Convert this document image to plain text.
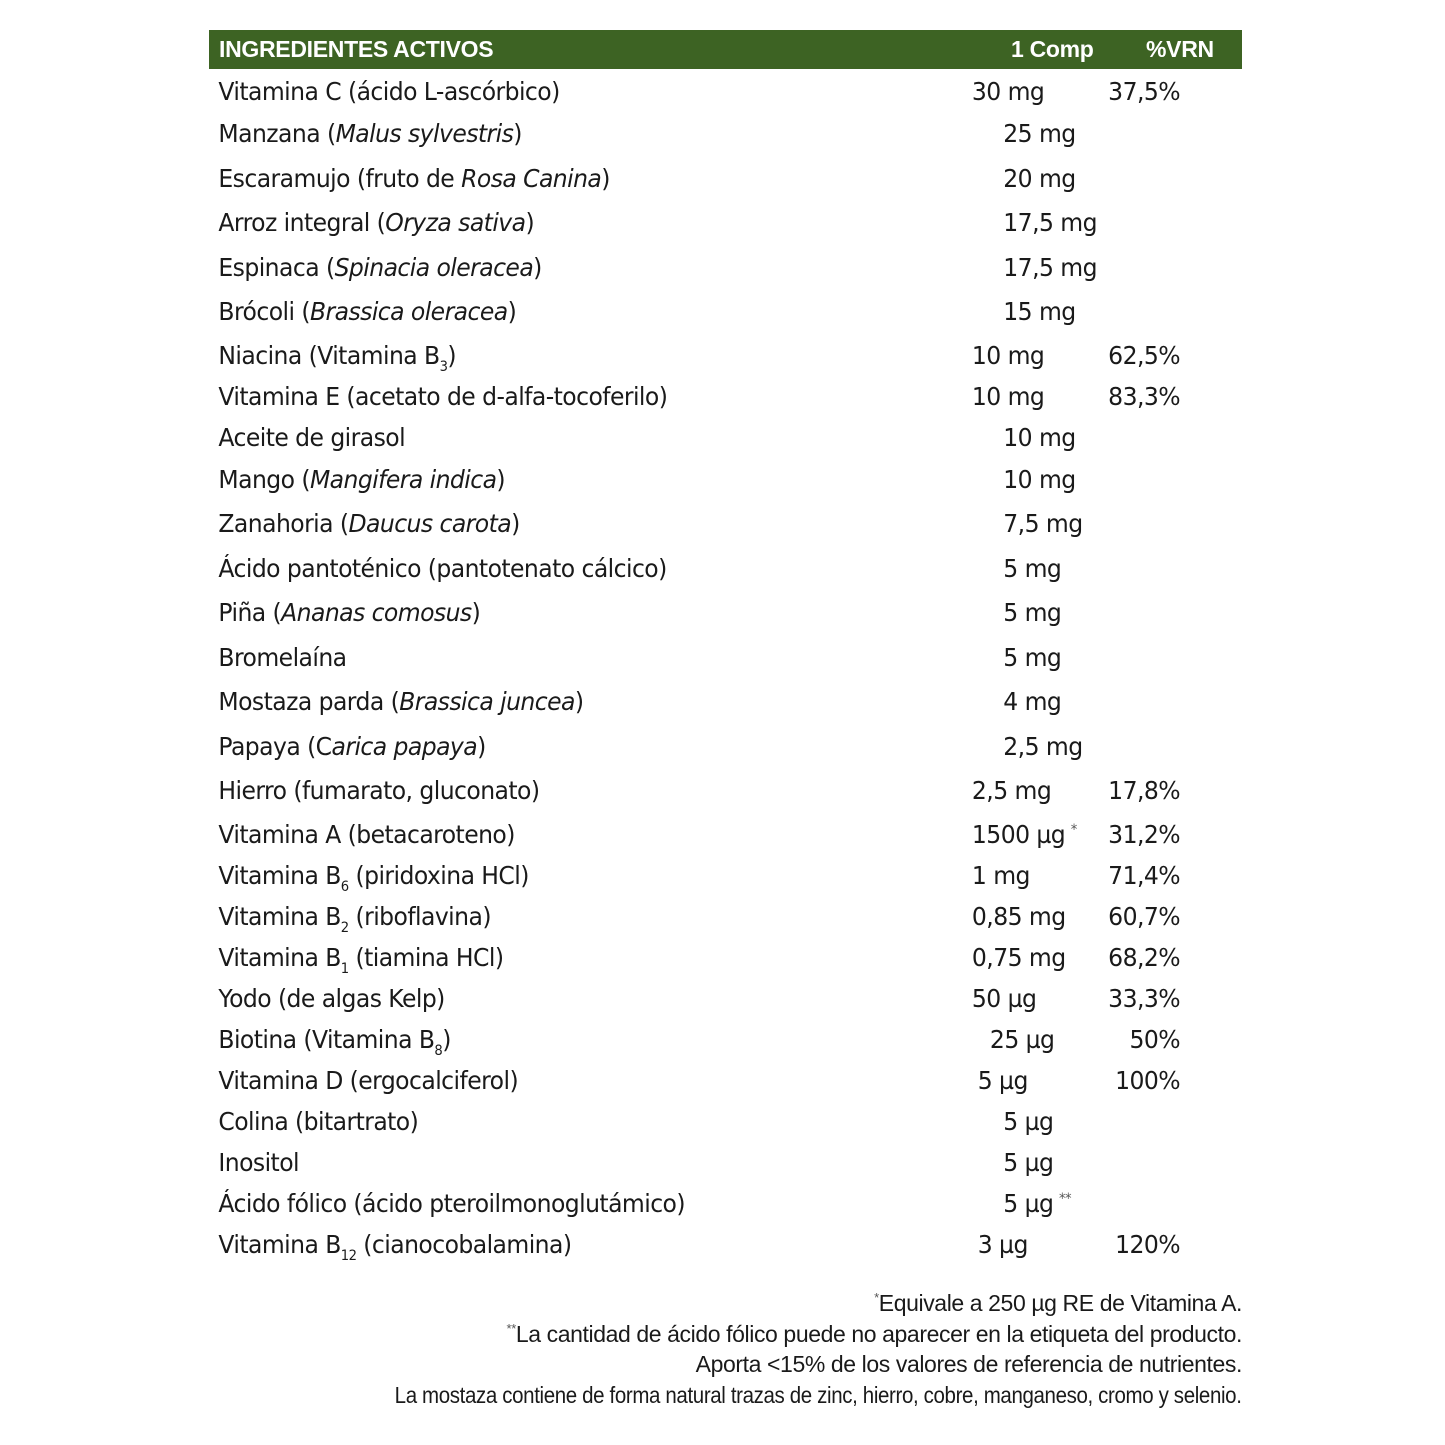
INGREDIENTES ACTIVOS	1 Comp	%VRN
Vitamina C (ácido L-ascórbico)	30 mg	37,5%
Manzana (Malus sylvestris)	25 mg
Escaramujo (fruto de Rosa Canina)	20 mg
Arroz integral (Oryza sativa)	17,5 mg
Espinaca (Spinacia oleracea)	17,5 mg
Brócoli (Brassica oleracea)	15 mg
Niacina (Vitamina $B_3$)	10 mg	62,5%
Vitamina E (acetato de d-alfa-tocoferilo)	10 mg	83,3%
Aceite de girasol	10 mg
Mango (Mangifera indica)	10 mg
Zanahoria (Daucus carota)	7,5 mg
Ácido pantoténico (pantotenato cálcico)	5 mg
Piña (Ananas comosus)	5 mg
Bromelaína	5 mg
Mostaza parda (Brassica juncea)	4 mg
Papaya (Carica papaya)	2,5 mg
Hierro (fumarato, gluconato)	2,5 mg	17,8%
Vitamina A (betacaroteno)	1500 µg *	31,2%
Vitamina $B_6$ (piridoxina HCl)	1 mg	71,4%
Vitamina $B_2$ (riboflavina)	0,85 mg	60,7%
Vitamina $B_1$ (tiamina HCl)	0,75 mg	68,2%
Yodo (de algas Kelp)	50 µg	33,3%
Biotina (Vitamina $B_8$)	25 µg	50%
Vitamina D (ergocalciferol)	5 µg	100%
Colina (bitartrato)	5 µg
Inositol	5 µg
Ácido fólico (ácido pteroilmonoglutámico)	5 µg **
Vitamina $B_{12}$ (cianocobalamina)	3 µg	120%
*Equivale a 250 µg RE de Vitamina A.
**La cantidad de ácido fólico puede no aparecer en la etiqueta del producto.
Aporta <15% de los valores de referencia de nutrientes.
La mostaza contiene de forma natural trazas de zinc, hierro, cobre, manganeso, cromo y selenio.
